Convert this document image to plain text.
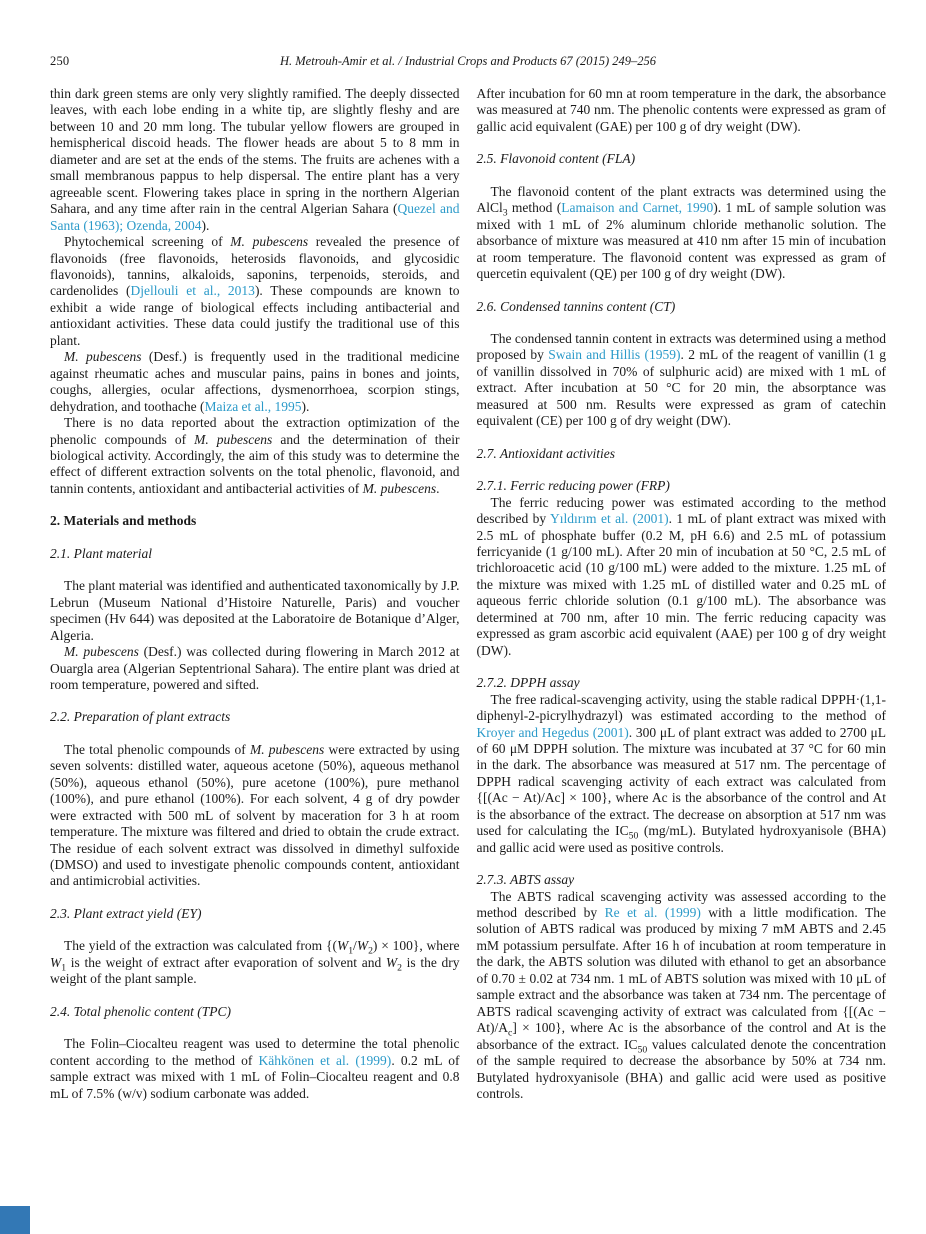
250	H. Metrouh-Amir et al. / Industrial Crops and Products 67 (2015) 249–256

thin dark green stems are only very slightly ramified. The deeply dissected leaves, with each lobe ending in a white tip, are slightly fleshy and are between 10 and 20 mm long. The tubular yellow flowers are grouped in hemispherical discoid heads. The flower heads are about 5 to 8 mm in diameter and are set at the ends of the stems. The fruits are achenes with a small membranous pappus to help dispersal. The entire plant has a very agreeable scent. Flowering takes place in spring in the northern Algerian Sahara, and any time after rain in the central Algerian Sahara (Quezel and Santa (1963); Ozenda, 2004).

Phytochemical screening of M. pubescens revealed the presence of flavonoids (free flavonoids, heterosids flavonoids, and glycosidic flavonoids), tannins, alkaloids, saponins, terpenoids, steroids, and cardenolides (Djellouli et al., 2013). These compounds are known to exhibit a wide range of biological effects including antibacterial and antioxidant activities. These data could justify the traditional use of this plant.

M. pubescens (Desf.) is frequently used in the traditional medicine against rheumatic aches and muscular pains, pains in bones and joints, coughs, allergies, ocular affections, dysmenorrhoea, scorpion stings, dehydration, and toothache (Maiza et al., 1995).

There is no data reported about the extraction optimization of the phenolic compounds of M. pubescens and the determination of their biological activity. Accordingly, the aim of this study was to determine the effect of different extraction solvents on the total phenolic, flavonoid, and tannin contents, antioxidant and antibacterial activities of M. pubescens.

2. Materials and methods
2.1. Plant material

The plant material was identified and authenticated taxonomically by J.P. Lebrun (Museum National d’Histoire Naturelle, Paris) and voucher specimen (Hv 644) was deposited at the Laboratoire de Botanique d’Alger, Algeria.

M. pubescens (Desf.) was collected during flowering in March 2012 at Ouargla area (Algerian Septentrional Sahara). The entire plant was dried at room temperature, powered and sifted.

2.2. Preparation of plant extracts

The total phenolic compounds of M. pubescens were extracted by using seven solvents: distilled water, aqueous acetone (50%), aqueous methanol (50%), aqueous ethanol (50%), pure acetone (100%), pure methanol (100%), and pure ethanol (100%). For each solvent, 4 g of dry powder were extracted with 500 mL of solvent by maceration for 3 h at room temperature. The mixture was filtered and dried to obtain the crude extract. The residue of each solvent extract was dissolved in dimethyl sulfoxide (DMSO) and used to investigate phenolic compounds content, antioxidant and antimicrobial activities.

2.3. Plant extract yield (EY)

The yield of the extraction was calculated from $\{(W_1/W_2) \times 100\}$, where $W_1$ is the weight of extract after evaporation of solvent and $W_2$ is the dry weight of the plant sample.

2.4. Total phenolic content (TPC)

The Folin–Ciocalteu reagent was used to determine the total phenolic content according to the method of Kähkönen et al. (1999). 0.2 mL of sample extract was mixed with 1 mL of Folin–Ciocalteu reagent and 0.8 mL of 7.5% (w/v) sodium carbonate was added.

After incubation for 60 mn at room temperature in the dark, the absorbance was measured at 740 nm. The phenolic contents were expressed as gram of gallic acid equivalent (GAE) per 100 g of dry weight (DW).

2.5. Flavonoid content (FLA)

The flavonoid content of the plant extracts was determined using the AlCl$_3$ method (Lamaison and Carnet, 1990). 1 mL of sample solution was mixed with 1 mL of 2% aluminum chloride methanolic solution. The absorbance of mixture was measured at 410 nm after 15 min of incubation at room temperature. The flavonoid content was expressed as gram of quercetin equivalent (QE) per 100 g of dry weight (DW).

2.6. Condensed tannins content (CT)

The condensed tannin content in extracts was determined using a method proposed by Swain and Hillis (1959). 2 mL of the reagent of vanillin (1 g of vanillin dissolved in 70% of sulphuric acid) are mixed with 1 mL of extract. After incubation at 50 °C for 20 min, the absorptance was measured at 500 nm. Results were expressed as gram of catechin equivalent (CE) per 100 g of dry weight (DW).

2.7. Antioxidant activities
2.7.1. Ferric reducing power (FRP)

The ferric reducing power was estimated according to the method described by Yıldırım et al. (2001). 1 mL of plant extract was mixed with 2.5 mL of phosphate buffer (0.2 M, pH 6.6) and 2.5 mL of potassium ferricyanide (1 g/100 mL). After 20 min of incubation at 50 °C, 2.5 mL of trichloroacetic acid (10 g/100 mL) were added to the mixture. 1.25 mL of the mixture was mixed with 1.25 mL of distilled water and 0.25 mL of aqueous ferric chloride solution (0.1 g/100 mL). The absorbance was determined at 700 nm, after 10 min. The ferric reducing capacity was expressed as gram ascorbic acid equivalent (AAE) per 100 g of dry weight (DW).

2.7.2. DPPH assay

The free radical-scavenging activity, using the stable radical DPPH·(1,1-diphenyl-2-picrylhydrazyl) was estimated according to the method of Kroyer and Hegedus (2001). 300 μL of plant extract was added to 2700 μL of 60 μM DPPH solution. The mixture was incubated at 37 °C for 60 min in the dark. The absorbance was measured at 517 nm. The percentage of DPPH radical scavenging activity of each extract was calculated from {[(Ac − At)/Ac] × 100}, where Ac is the absorbance of the control and At is the absorbance of the extract. The decrease on absorption at 517 nm was used for calculating the $IC_{50}$ (mg/mL). Butylated hydroxyanisole (BHA) and gallic acid were used as positive controls.

2.7.3. ABTS assay

The ABTS radical scavenging activity was assessed according to the method described by Re et al. (1999) with a little modification. The solution of ABTS radical was produced by mixing 7 mM ABTS and 2.45 mM potassium persulfate. After 16 h of incubation at room temperature in the dark, the ABTS solution was diluted with ethanol to get an absorbance of 0.70 ± 0.02 at 734 nm. 1 mL of ABTS solution was mixed with 10 μL of sample extract and the absorbance was taken at 734 nm. The percentage of ABTS radical scavenging activity of extract was calculated from $\{[(Ac - At)/A_c] \times 100\}$, where Ac is the absorbance of the control and At is the absorbance of the extract. $IC_{50}$ values calculated denote the concentration of the sample required to decrease the absorbance by 50% at 734 nm. Butylated hydroxyanisole (BHA) and gallic acid were used as positive controls.
